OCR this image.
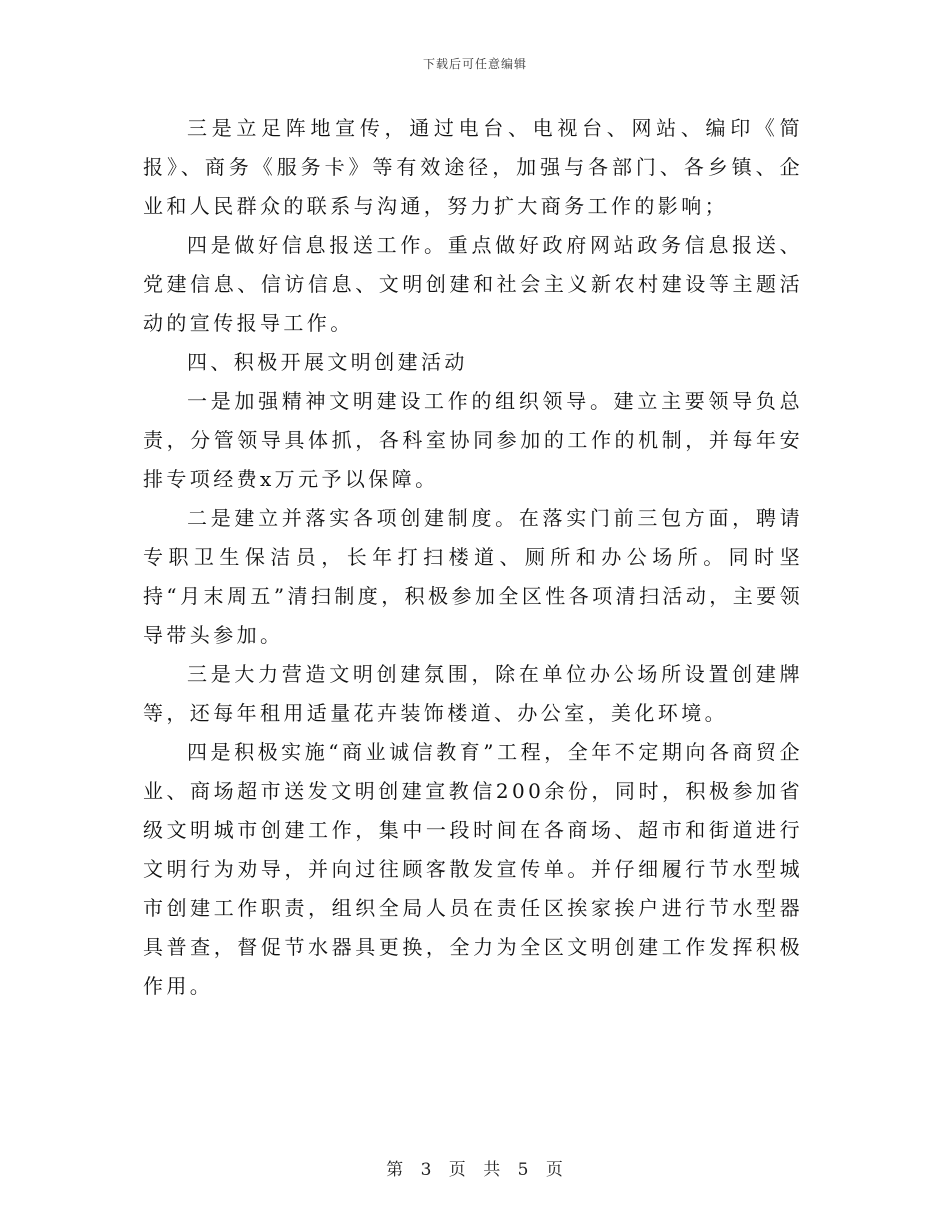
下载后可任意编辑

三是立足阵地宣传，通过电台、电视台、网站、编印《简报》、商务《服务卡》等有效途径，加强与各部门、各乡镇、企业和人民群众的联系与沟通，努力扩大商务工作的影响；

四是做好信息报送工作。重点做好政府网站政务信息报送、党建信息、信访信息、文明创建和社会主义新农村建设等主题活动的宣传报导工作。

四、积极开展文明创建活动

一是加强精神文明建设工作的组织领导。建立主要领导负总责，分管领导具体抓，各科室协同参加的工作的机制，并每年安排专项经费x万元予以保障。

二是建立并落实各项创建制度。在落实门前三包方面，聘请专职卫生保洁员，长年打扫楼道、厕所和办公场所。同时坚持“月末周五”清扫制度，积极参加全区性各项清扫活动，主要领导带头参加。

三是大力营造文明创建氛围，除在单位办公场所设置创建牌等，还每年租用适量花卉装饰楼道、办公室，美化环境。

四是积极实施“商业诚信教育”工程，全年不定期向各商贸企业、商场超市送发文明创建宣教信200余份，同时，积极参加省级文明城市创建工作，集中一段时间在各商场、超市和街道进行文明行为劝导，并向过往顾客散发宣传单。并仔细履行节水型城市创建工作职责，组织全局人员在责任区挨家挨户进行节水型器具普查，督促节水器具更换，全力为全区文明创建工作发挥积极作用。

第 3 页 共 5 页
